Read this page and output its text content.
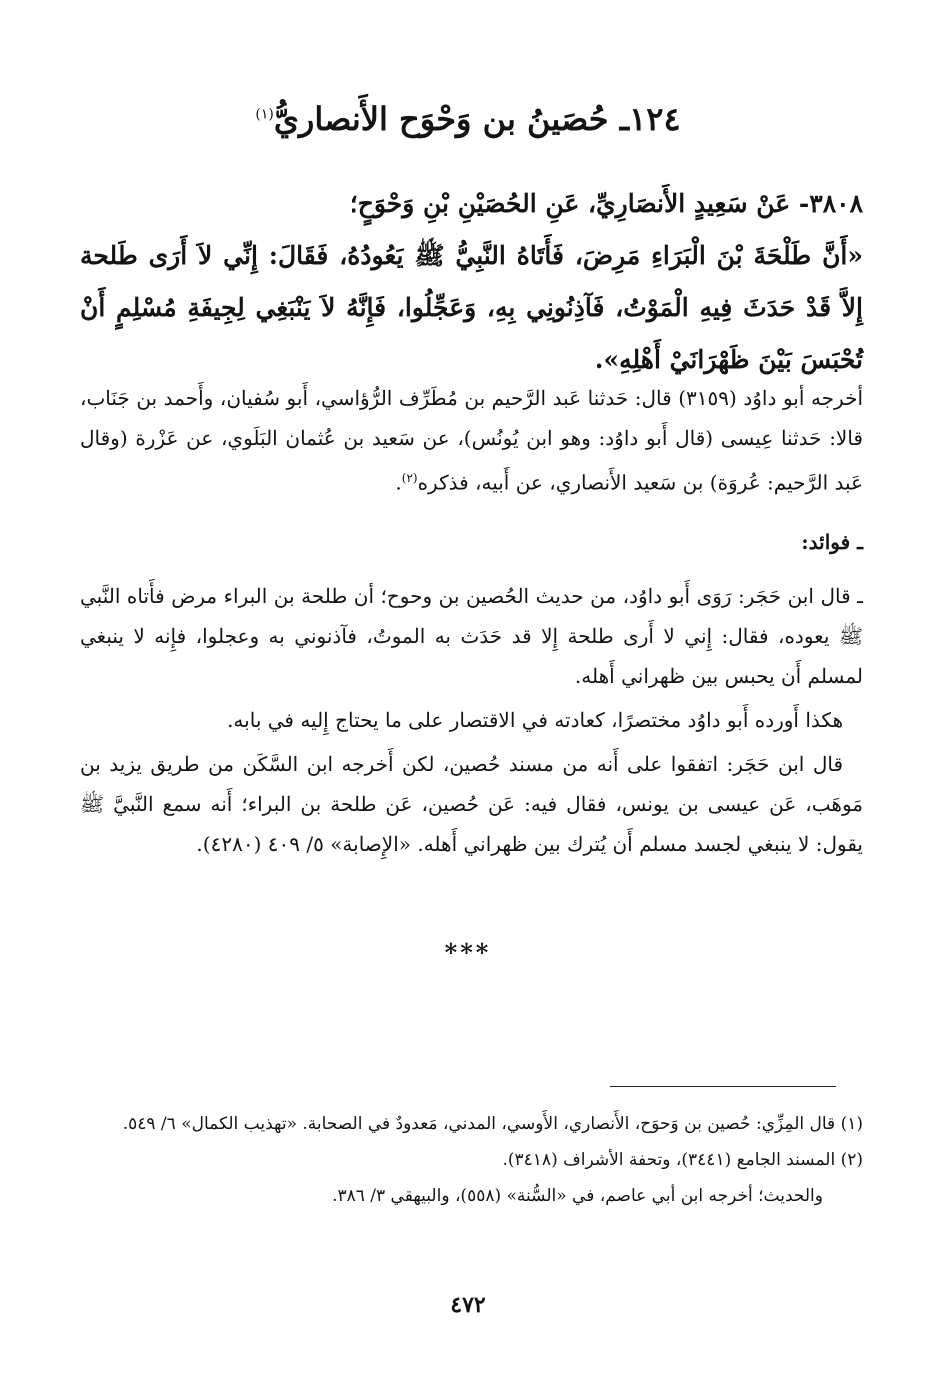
١٢٤ـ حُصَينُ بن وَحْوَح الأَنصاريُّ$^{(١)}$

٣٨٠٨- عَنْ سَعِيدٍ الأَنصَارِيِّ، عَنِ الحُصَيْنِ بْنِ وَحْوَحٍ؛

«أَنَّ طَلْحَةَ بْنَ الْبَرَاءِ مَرِضَ، فَأَتَاهُ النَّبِيُّ ﷺ يَعُودُهُ، فَقَالَ: إِنِّي لاَ أَرَى طَلحة إِلاَّ قَدْ حَدَثَ فِيهِ الْمَوْتُ، فَآذِنُونِي بِهِ، وَعَجِّلُوا، فَإِنَّهُ لاَ يَنْبَغِي لِجِيفَةِ مُسْلِمٍ أَنْ تُحْبَسَ بَيْنَ ظَهْرَانَيْ أَهْلِهِ».

أخرجه أبو داوُد (٣١٥٩) قال: حَدثنا عَبد الرَّحيم بن مُطَرِّف الرُّؤاسي، أَبو سُفيان، وأَحمد بن جَنَاب، قالا: حَدثنا عِيسى (قال أَبو داوُد: وهو ابن يُونُس)، عن سَعيد بن عُثمان البَلَوي، عن عَزْرة (وقال عَبد الرَّحيم: عُروَة) بن سَعيد الأَنصاري، عن أَبيه، فذكره$^{(٢)}$.

ـ فوائد:

ـ قال ابن حَجَر: رَوَى أَبو داوُد، من حديث الحُصين بن وحوح؛ أن طلحة بن البراء مرض فأَتاه النَّبي ﷺ يعوده، فقال: إِني لا أَرى طلحة إِلا قد حَدَث به الموتُ، فآذنوني به وعجلوا، فإِنه لا ينبغي لمسلم أَن يحبس بين ظهراني أَهله.

هكذا أَورده أَبو داوُد مختصرًا، كعادته في الاقتصار على ما يحتاج إِليه في بابه.

قال ابن حَجَر: اتفقوا على أَنه من مسند حُصين، لكن أَخرجه ابن السَّكَن من طريق يزيد بن مَوهَب، عَن عيسى بن يونس، فقال فيه: عَن حُصين، عَن طلحة بن البراء؛ أَنه سمع النَّبيَّ ﷺ يقول: لا ينبغي لجسد مسلم أَن يُترك بين ظهراني أَهله. «الإِصابة» ٥/ ٤٠٩ (٤٢٨٠).

***

(١) قال المِزِّي: حُصين بن وَحوَح، الأَنصاري، الأَوسي، المدني، مَعدودٌ في الصحابة. «تهذيب الكمال» ٦/ ٥٤٩.

(٢) المسند الجامع (٣٤٤١)، وتحفة الأشراف (٣٤١٨).

والحديث؛ أخرجه ابن أبي عاصم، في «السُّنة» (٥٥٨)، والبيهقي ٣/ ٣٨٦.

٤٧٢
